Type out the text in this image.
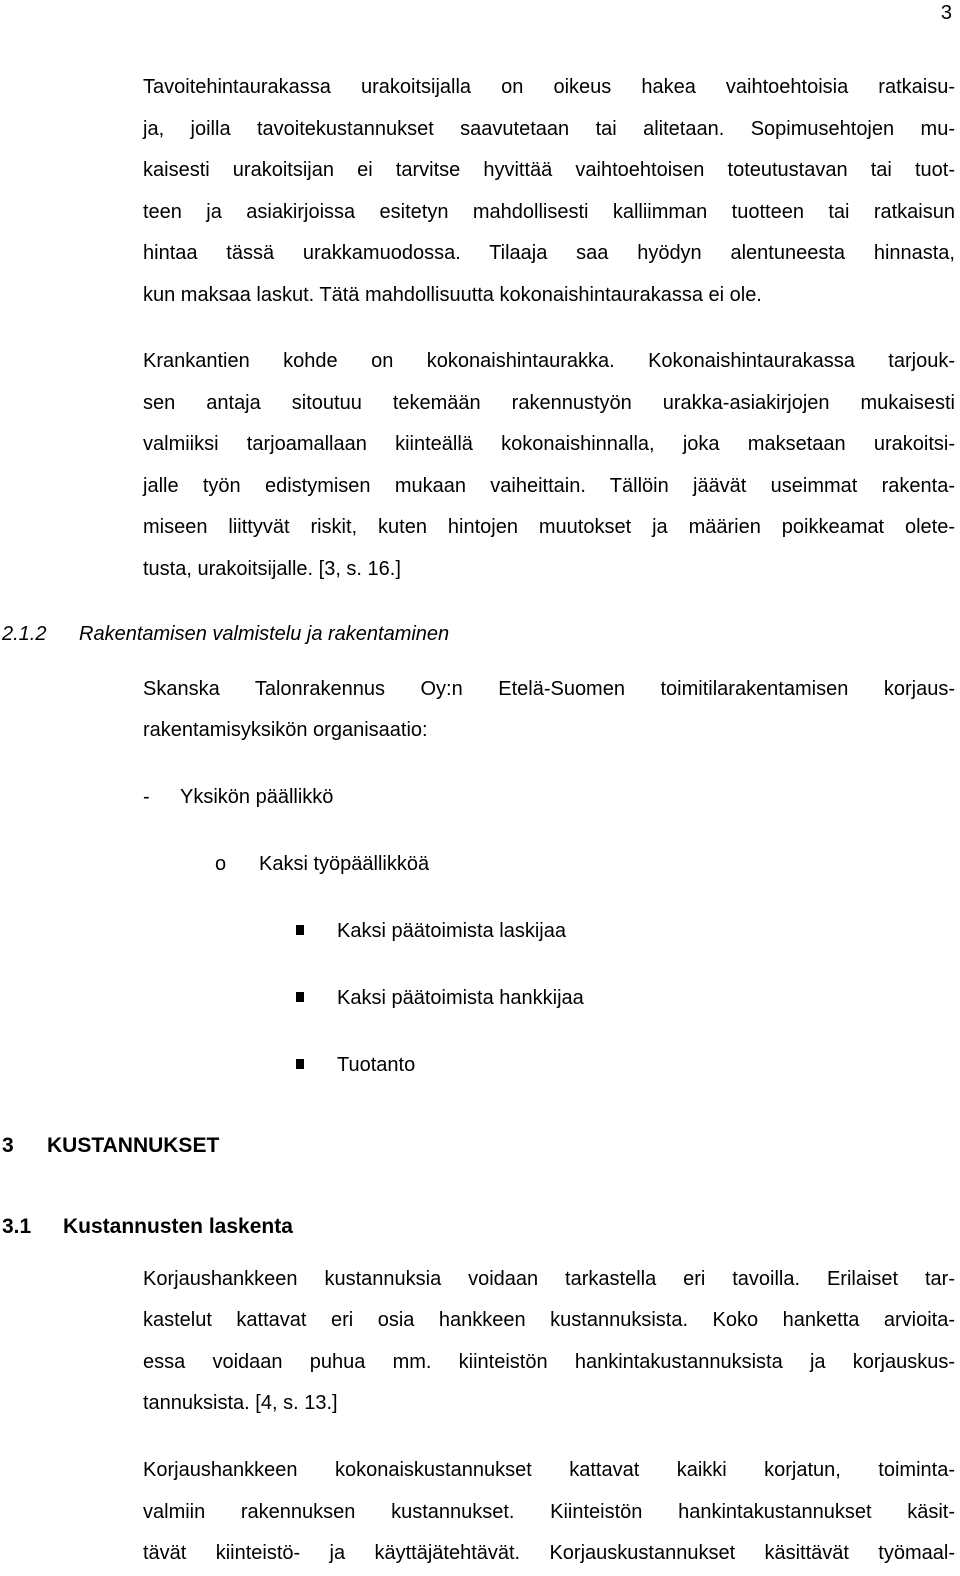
3
Tavoitehintaurakassa urakoitsijalla on oikeus hakea vaihtoehtoisia ratkaisu-
ja, joilla tavoitekustannukset saavutetaan tai alitetaan. Sopimusehtojen mu-
kaisesti urakoitsijan ei tarvitse hyvittää vaihtoehtoisen toteutustavan tai tuot-
teen ja asiakirjoissa esitetyn mahdollisesti kalliimman tuotteen tai ratkaisun
hintaa tässä urakkamuodossa. Tilaaja saa hyödyn alentuneesta hinnasta,
kun maksaa laskut. Tätä mahdollisuutta kokonaishintaurakassa ei ole.
Krankantien kohde on kokonaishintaurakka. Kokonaishintaurakassa tarjouk-
sen antaja sitoutuu tekemään rakennustyön urakka-asiakirjojen mukaisesti
valmiiksi tarjoamallaan kiinteällä kokonaishinnalla, joka maksetaan urakoitsi-
jalle työn edistymisen mukaan vaiheittain. Tällöin jäävät useimmat rakenta-
miseen liittyvät riskit, kuten hintojen muutokset ja määrien poikkeamat olete-
tusta, urakoitsijalle. [3, s. 16.]
2.1.2 Rakentamisen valmistelu ja rakentaminen
Skanska Talonrakennus Oy:n Etelä-Suomen toimitilarakentamisen korjaus-
rakentamisyksikön organisaatio:
- Yksikön päällikkö
o Kaksi työpäällikköä
Kaksi päätoimista laskijaa
Kaksi päätoimista hankkijaa
Tuotanto
3 KUSTANNUKSET
3.1 Kustannusten laskenta
Korjaushankkeen kustannuksia voidaan tarkastella eri tavoilla. Erilaiset tar-
kastelut kattavat eri osia hankkeen kustannuksista. Koko hanketta arvioita-
essa voidaan puhua mm. kiinteistön hankintakustannuksista ja korjauskus-
tannuksista. [4, s. 13.]
Korjaushankkeen kokonaiskustannukset kattavat kaikki korjatun, toiminta-
valmiin rakennuksen kustannukset. Kiinteistön hankintakustannukset käsit-
tävät kiinteistö- ja käyttäjätehtävät. Korjauskustannukset käsittävät työmaal-
